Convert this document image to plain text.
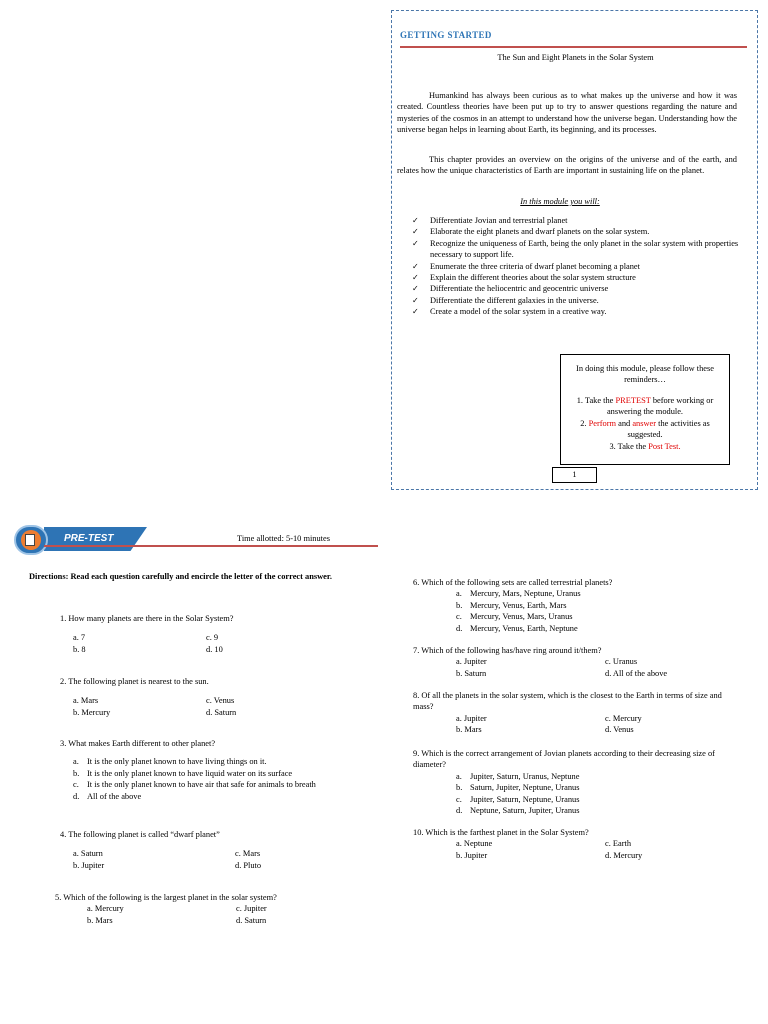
GETTING STARTED
The Sun and Eight Planets in the Solar System
Humankind has always been curious as to what makes up the universe and how it was created. Countless theories have been put up to try to answer questions regarding the nature and mysteries of the cosmos in an attempt to understand how the universe began. Understanding how the universe began helps in learning about Earth, its beginning, and its processes.
This chapter provides an overview on the origins of the universe and of the earth, and relates how the unique characteristics of Earth are important in sustaining life on the planet.
In this module you will:
✓ Differentiate Jovian and terrestrial planet
✓ Elaborate the eight planets and dwarf planets on the solar system.
✓ Recognize the uniqueness of Earth, being the only planet in the solar system with properties necessary to support life.
✓ Enumerate the three criteria of dwarf planet becoming a planet
✓ Explain the different theories about the solar system structure
✓ Differentiate the heliocentric and geocentric universe
✓ Differentiate the different galaxies in the universe.
✓ Create a model of the solar system in a creative way.
In doing this module, please follow these reminders…
1. Take the PRETEST before working or answering the module.
2. Perform and answer the activities as suggested.
3. Take the Post Test.
1
PRE-TEST	Time allotted: 5-10 minutes
Directions: Read each question carefully and encircle the letter of the correct answer.
1. How many planets are there in the Solar System?
a. 7	c. 9
b. 8	d. 10
2. The following planet is nearest to the sun.
a. Mars	c. Venus
b. Mercury	d. Saturn
3. What makes Earth different to other planet?
a. It is the only planet known to have living things on it.
b. It is the only planet known to have liquid water on its surface
c. It is the only planet known to have air that safe for animals to breath
d. All of the above
4. The following planet is called “dwarf planet”
a. Saturn	c. Mars
b. Jupiter	d. Pluto
5. Which of the following is the largest planet in the solar system?
a. Mercury	c. Jupiter
b. Mars	d. Saturn
6. Which of the following sets are called terrestrial planets?
a. Mercury, Mars, Neptune, Uranus
b. Mercury, Venus, Earth, Mars
c. Mercury, Venus, Mars, Uranus
d. Mercury, Venus, Earth, Neptune
7. Which of the following has/have ring around it/them?
a. Jupiter	c. Uranus
b. Saturn	d. All of the above
8. Of all the planets in the solar system, which is the closest to the Earth in terms of size and mass?
a. Jupiter	c. Mercury
b. Mars	d. Venus
9. Which is the correct arrangement of Jovian planets according to their decreasing size of diameter?
a. Jupiter, Saturn, Uranus, Neptune
b. Saturn, Jupiter, Neptune, Uranus
c. Jupiter, Saturn, Neptune, Uranus
d. Neptune, Saturn, Jupiter, Uranus
10. Which is the farthest planet in the Solar System?
a. Neptune	c. Earth
b. Jupiter	d. Mercury
